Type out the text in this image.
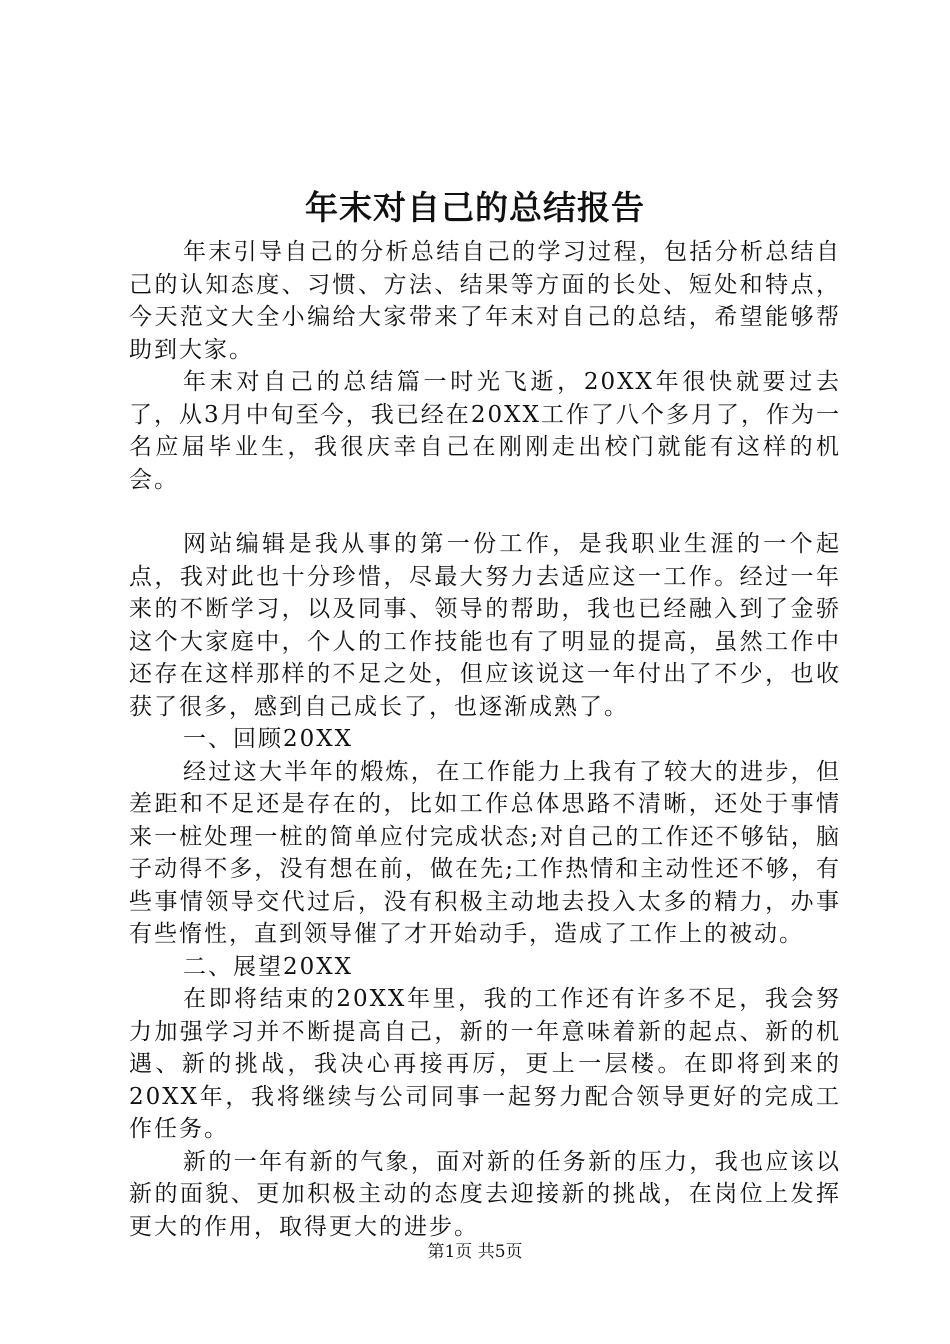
年末对自己的总结报告

年末引导自己的分析总结自己的学习过程，包括分析总结自己的认知态度、习惯、方法、结果等方面的长处、短处和特点，今天范文大全小编给大家带来了年末对自己的总结，希望能够帮助到大家。

年末对自己的总结篇一时光飞逝，20XX年很快就要过去了，从3月中旬至今，我已经在20XX工作了八个多月了，作为一名应届毕业生，我很庆幸自己在刚刚走出校门就能有这样的机会。

网站编辑是我从事的第一份工作，是我职业生涯的一个起点，我对此也十分珍惜，尽最大努力去适应这一工作。经过一年来的不断学习，以及同事、领导的帮助，我也已经融入到了金骄这个大家庭中，个人的工作技能也有了明显的提高，虽然工作中还存在这样那样的不足之处，但应该说这一年付出了不少，也收获了很多，感到自己成长了，也逐渐成熟了。

一、回顾20XX

经过这大半年的煅炼，在工作能力上我有了较大的进步，但差距和不足还是存在的，比如工作总体思路不清晰，还处于事情来一桩处理一桩的简单应付完成状态;对自己的工作还不够钻，脑子动得不多，没有想在前，做在先;工作热情和主动性还不够，有些事情领导交代过后，没有积极主动地去投入太多的精力，办事有些惰性，直到领导催了才开始动手，造成了工作上的被动。

二、展望20XX

在即将结束的20XX年里，我的工作还有许多不足，我会努力加强学习并不断提高自己，新的一年意味着新的起点、新的机遇、新的挑战，我决心再接再厉，更上一层楼。在即将到来的20XX年，我将继续与公司同事一起努力配合领导更好的完成工作任务。

新的一年有新的气象，面对新的任务新的压力，我也应该以新的面貌、更加积极主动的态度去迎接新的挑战，在岗位上发挥更大的作用，取得更大的进步。

第1页 共5页
